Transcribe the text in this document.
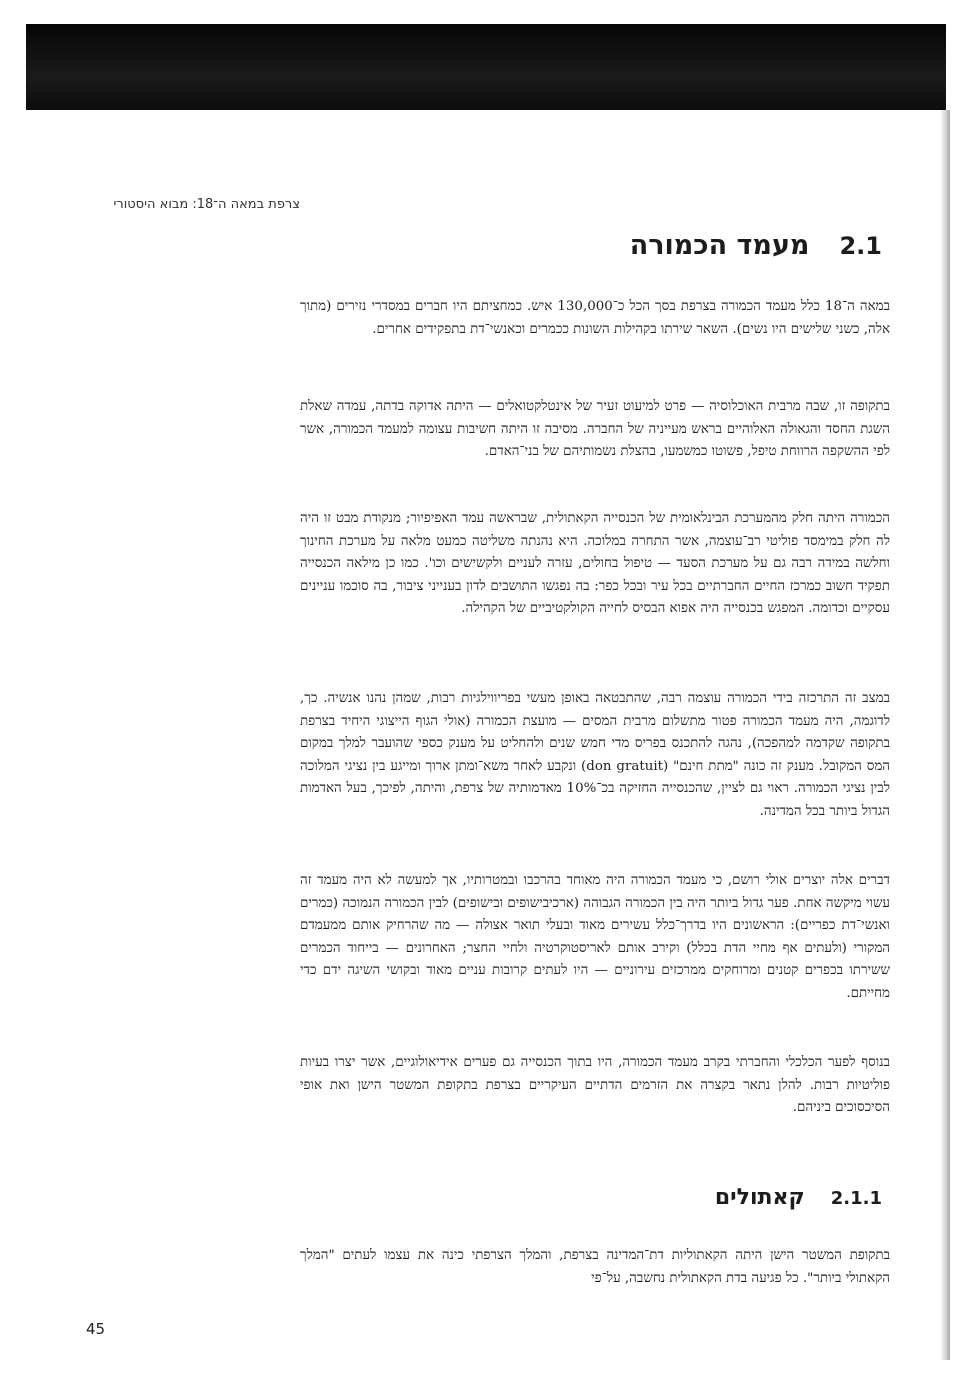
צרפת במאה ה־18: מבוא היסטורי
2.1
מעמד הכמורה

במאה ה־18 כלל מעמד הכמורה בצרפת בסך הכל כ־130,000 איש. כמחציתם היו חברים במסדרי נזירים (מתוך אלה, כשני שלישים היו נשים). השאר שירתו בקהילות השונות ככמרים וכאנשי־דת בתפקידים אחרים.

בתקופה זו, שבה מרבית האוכלוסיה — פרט למיעוט זעיר של אינטלקטואלים — היתה אדוקה בדתה, עמדה שאלת השגת החסד והגאולה האלוהיים בראש מעייניה של החברה. מסיבה זו היתה חשיבות עצומה למעמד הכמורה, אשר לפי ההשקפה הרווחת טיפל, פשוטו כמשמעו, בהצלת נשמותיהם של בני־האדם.

הכמורה היתה חלק מהמערכת הבינלאומית של הכנסייה הקאתולית, שבראשה עמד האפיפיור; מנקודת מבט זו היה לה חלק במימסד פוליטי רב־עוצמה, אשר התחרה במלוכה. היא נהנתה משליטה כמעט מלאה על מערכת החינוך וחלשה במידה רבה גם על מערכת הסעד — טיפול בחולים, עזרה לעניים ולקשישים וכו'. כמו כן מילאה הכנסייה תפקיד חשוב כמרכז החיים החברתיים בכל עיר ובכל כפר: בה נפגשו התושבים לדון בענייני ציבור, בה סוכמו עניינים עסקיים וכדומה. המפגש בכנסייה היה אפוא הבסיס לחייה הקולקטיביים של הקהילה.

במצב זה התרכזה בידי הכמורה עוצמה רבה, שהתבטאה באופן מעשי בפריווילגיות רבות, שמהן נהנו אנשיה. כך, לדוגמה, היה מעמד הכמורה פטור מתשלום מרבית המסים — מועצת הכמורה (אולי הגוף הייצוגי היחיד בצרפת בתקופה שקדמה למהפכה), נהגה להתכנס בפריס מדי חמש שנים ולהחליט על מענק כספי שהועבר למלך במקום המס המקובל. מענק זה כונה "מתת חינם" (don gratuit) ונקבע לאחר משא־ומתן ארוך ומייגע בין נציגי המלוכה לבין נציגי הכמורה. ראוי גם לציין, שהכנסייה החזיקה בכ־10% מאדמותיה של צרפת, והיתה, לפיכך, בעל האדמות הגדול ביותר בכל המדינה.

דברים אלה יוצרים אולי רושם, כי מעמד הכמורה היה מאוחד בהרכבו ובמטרותיו, אך למעשה לא היה מעמד זה עשוי מיקשה אחת. פער גדול ביותר היה בין הכמורה הגבוהה (ארכיבישופים ובישופים) לבין הכמורה הנמוכה (כמרים ואנשי־דת כפריים): הראשונים היו בדרך־כלל עשירים מאוד ובעלי תואר אצולה — מה שהרחיק אותם ממעמדם המקורי (ולעתים אף מחיי הדת בכלל) וקירב אותם לאריסטוקרטיה ולחיי החצר; האחרונים — בייחוד הכמרים ששירתו בכפרים קטנים ומרוחקים ממרכזים עירוניים — היו לעתים קרובות עניים מאוד ובקושי השיגה ידם כדי מחייתם.

בנוסף לפער הכלכלי והחברתי בקרב מעמד הכמורה, היו בתוך הכנסייה גם פערים אידיאולוגיים, אשר יצרו בעיות פוליטיות רבות. להלן נתאר בקצרה את הזרמים הדתיים העיקריים בצרפת בתקופת המשטר הישן ואת אופי הסיכסוכים ביניהם.

2.1.1
קאתולים

בתקופת המשטר הישן היתה הקאתוליות דת־המדינה בצרפת, והמלך הצרפתי כינה את עצמו לעתים "המלך הקאתולי ביותר". כל פגיעה בדת הקאתולית נחשבה, על־פי

45
